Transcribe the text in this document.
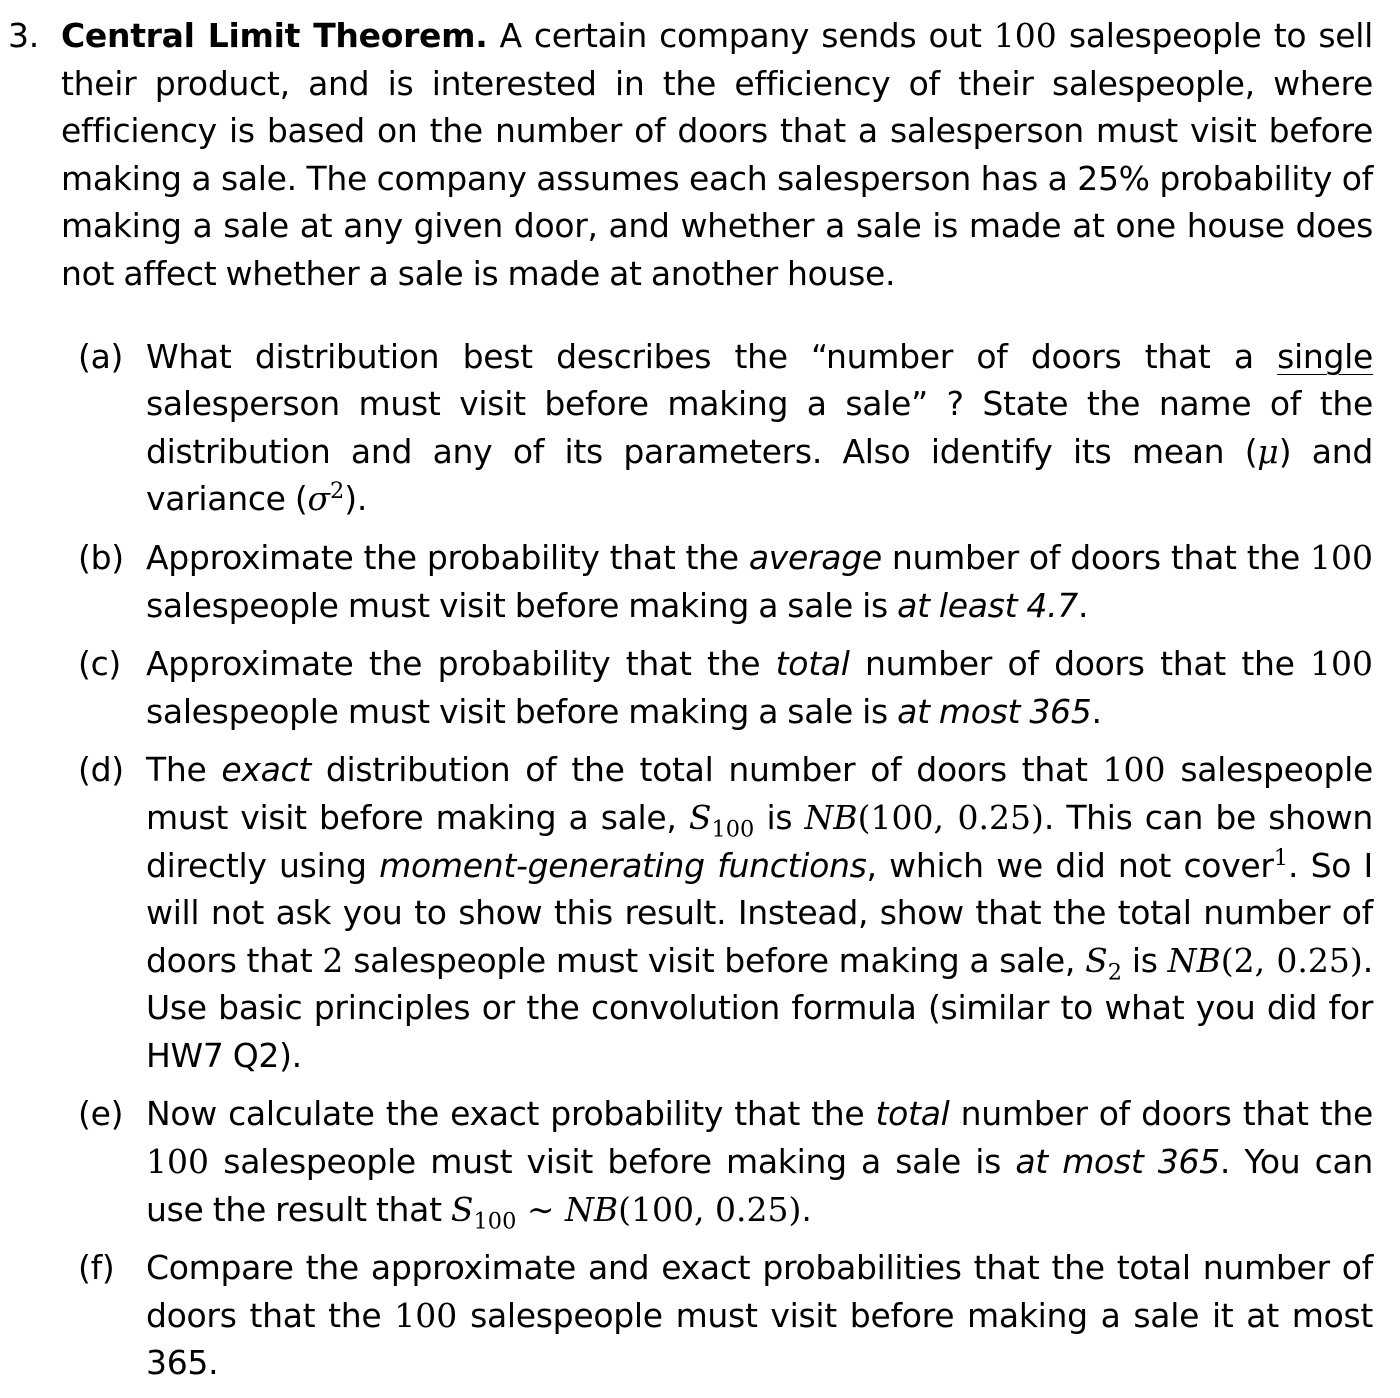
3. Central Limit Theorem. A certain company sends out 100 salespeople to sell their product, and is interested in the efficiency of their salespeople, where efficiency is based on the number of doors that a salesperson must visit before making a sale. The company assumes each salesperson has a 25% probability of making a sale at any given door, and whether a sale is made at one house does not affect whether a sale is made at another house.
(a) What distribution best describes the “number of doors that a single salesperson must visit before making a sale” ? State the name of the distribution and any of its parameters. Also identify its mean (μ) and variance $(\sigma^2)$.
(b) Approximate the probability that the average number of doors that the 100 salespeople must visit before making a sale is at least 4.7.
(c) Approximate the probability that the total number of doors that the 100 salespeople must visit before making a sale is at most 365.
(d) The exact distribution of the total number of doors that 100 salespeople must visit before making a sale, $S_{100}$ is NB(100, 0.25). This can be shown directly using moment-generating functions, which we did not cover$^1$. So I will not ask you to show this result. Instead, show that the total number of doors that 2 salespeople must visit before making a sale, $S_2$ is NB(2, 0.25). Use basic principles or the convolution formula (similar to what you did for HW7 Q2).
(e) Now calculate the exact probability that the total number of doors that the 100 salespeople must visit before making a sale is at most 365. You can use the result that $S_{100}$ ∼ NB(100, 0.25).
(f) Compare the approximate and exact probabilities that the total number of doors that the 100 salespeople must visit before making a sale it at most 365.
